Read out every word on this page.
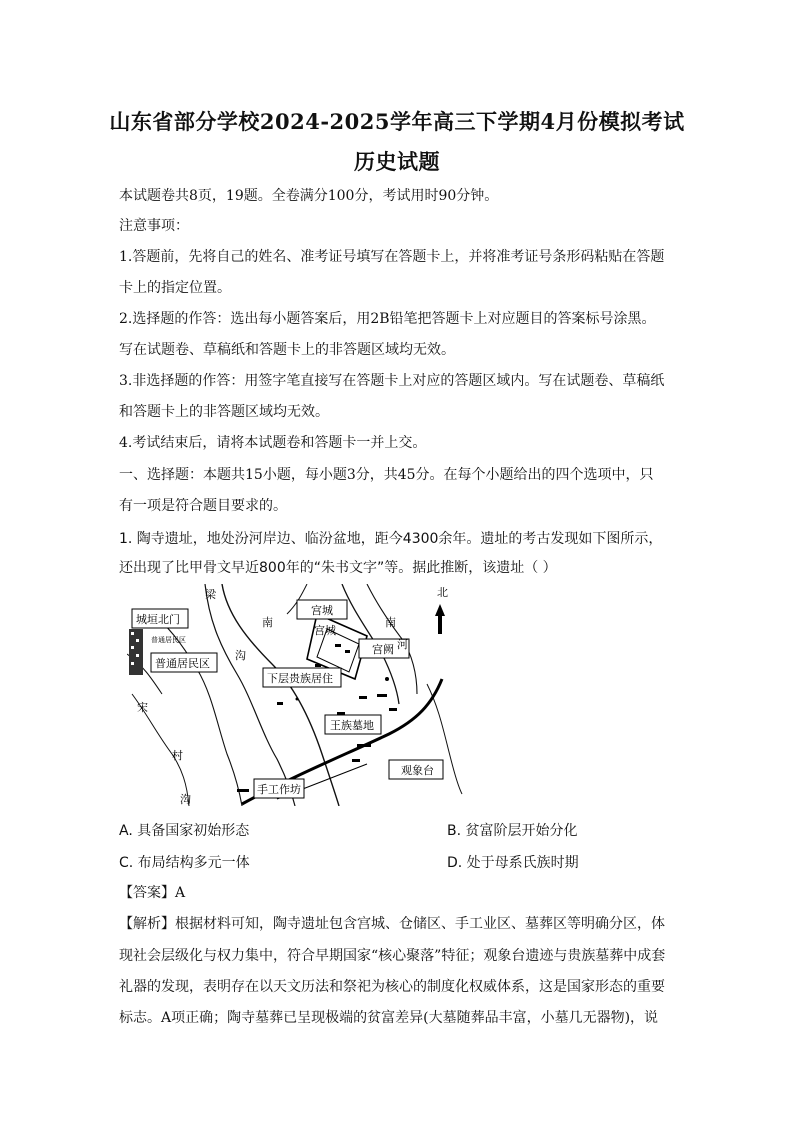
山东省部分学校2024-2025学年高三下学期4月份模拟考试
历史试题
本试题卷共8页，19题。全卷满分100分，考试用时90分钟。
注意事项：
1.答题前，先将自己的姓名、准考证号填写在答题卡上，并将准考证号条形码粘贴在答题
卡上的指定位置。
2.选择题的作答：选出每小题答案后，用2B铅笔把答题卡上对应题目的答案标号涂黑。
写在试题卷、草稿纸和答题卡上的非答题区域均无效。
3.非选择题的作答：用签字笔直接写在答题卡上对应的答题区域内。写在试题卷、草稿纸
和答题卡上的非答题区域均无效。
4.考试结束后，请将本试题卷和答题卡一并上交。
一、选择题：本题共15小题，每小题3分，共45分。在每个小题给出的四个选项中，只
有一项是符合题目要求的。
1. 陶寺遗址，地处汾河岸边、临汾盆地，距今4300余年。遗址的考古发现如下图所示，
还出现了比甲骨文早近800年的“朱书文字”等。据此推断，该遗址（ ）
北
城垣北门
普通居民区
普通居民区
宫城
宫城
宫阙
下层贵族居住
王族墓地
手工作坊
观象台
梁
沟
南	南
河
宋
村
沟
A. 具备国家初始形态	B. 贫富阶层开始分化
C. 布局结构多元一体	D. 处于母系氏族时期
【答案】A
【解析】根据材料可知，陶寺遗址包含宫城、仓储区、手工业区、墓葬区等明确分区，体
现社会层级化与权力集中，符合早期国家“核心聚落”特征；观象台遗迹与贵族墓葬中成套
礼器的发现，表明存在以天文历法和祭祀为核心的制度化权威体系，这是国家形态的重要
标志。A项正确；陶寺墓葬已呈现极端的贫富差异(大墓随葬品丰富，小墓几无器物)，说
